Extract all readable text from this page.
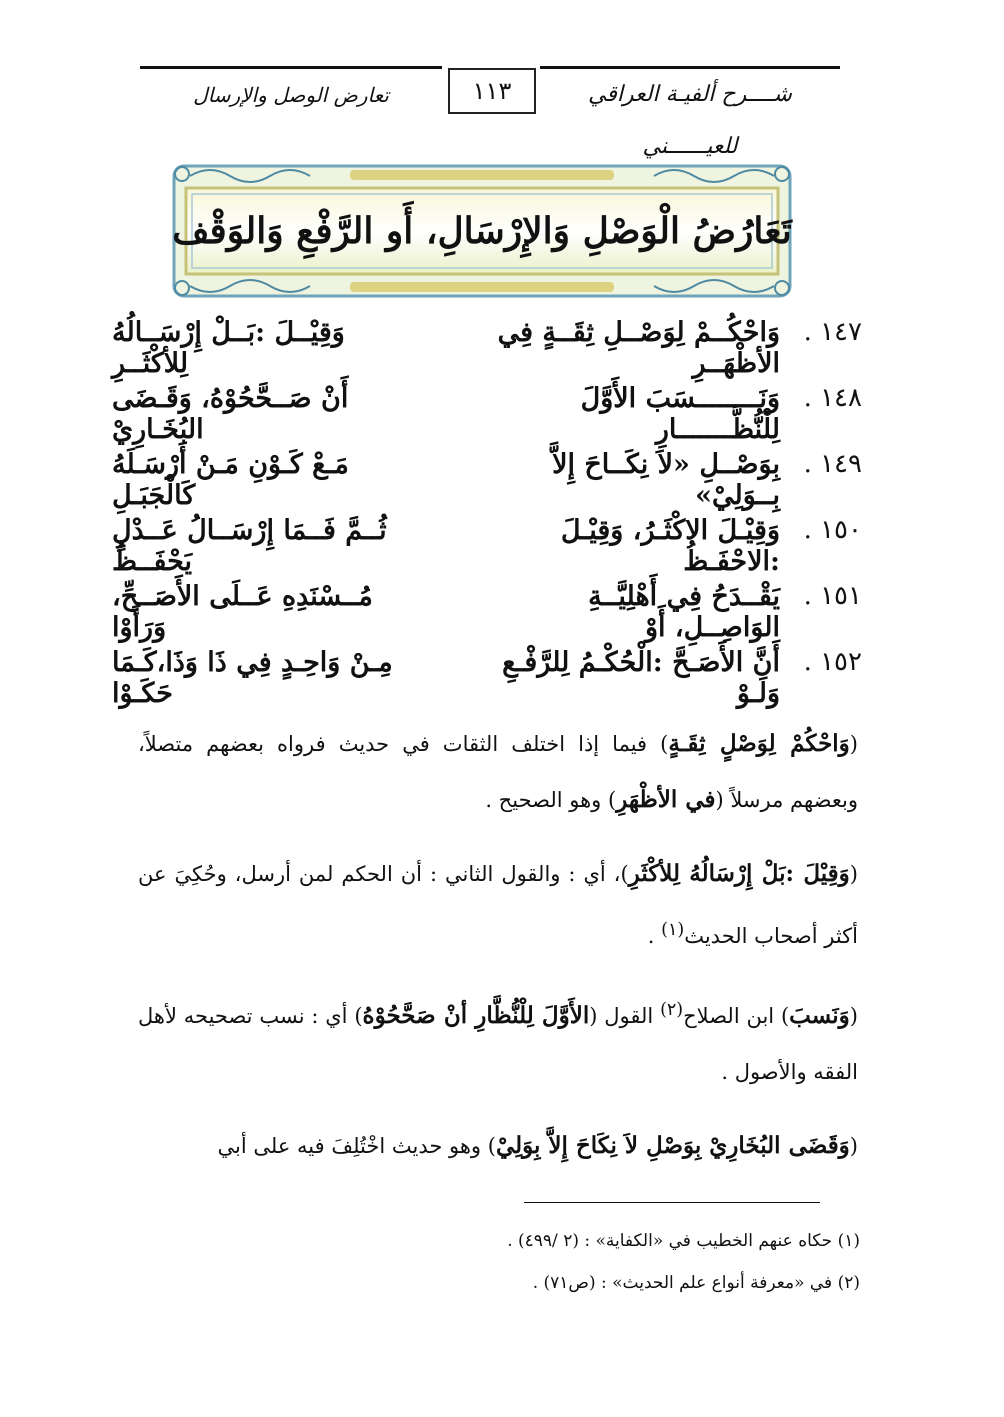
شــــرح ألفيـة العراقي للعيــــــني
١١٣
تعارض الوصل والإرسال
تَعَارُضُ الْوَصْلِ وَالإِرْسَالِ، أَو الرَّفْعِ وَالوَقْف
١٤٧ .
وَاحْكُــمْ لِوَصْــلِ ثِقَــةٍ فِي الأظْهَــرِ
وَقِيْــلَ :بَــلْ إِرْسَــالُهُ لِلأكْثَــرِ
١٤٨ .
وَنَــــــــسَبَ الأَوَّلَ لِلْنُّظَّـــــــارِ
أَنْ صَــحَّحُوْهُ، وَقَـضَى البُخَـارِيْ
١٤٩ .
بِوَصْــلِ «لاَ نِكَــاحَ إِلاَّ بِــوَلِيْ»
مَـعْ كَـوْنِ مَـنْ أَرْسَـلَهُ كَالْجَبَـلِ
١٥٠ .
وَقِيْـلَ الاكْثَـرُ، وَقِيْـلَ :الاحْفَـظُ
ثُــمَّ فَــمَا إِرْسَــالُ عَــدْلٍ يَحْفَــظُ
١٥١ .
يَقْــدَحُ فِي أَهْلِيَّــةِ الوَاصِــلِ، أَوْ
مُــسْنَدِهِ عَــلَى الأَصَــحِّ، وَرَأَوْا
١٥٢ .
أَنَّ الأَصَـحَّ :الْحُكْـمُ لِلرَّفْـعِ وَلَـوْ
مِـنْ وَاحِـدٍ فِي ذَا وَذَا،كَـمَا حَكَـوْا

(وَاحْكُمْ لِوَصْلٍ ثِقَـةٍ) فيما إذا اختلف الثقات في حديث فرواه بعضهم متصلاً، وبعضهم مرسلاً (في الأظْهَرِ) وهو الصحيح .

(وَقِيْلَ :بَلْ إِرْسَالُهُ لِلأكْثَرِ)، أي : والقول الثاني : أن الحكم لمن أرسل، وحُكِيَ عن أكثر أصحاب الحديث$^{(١)}$ .

(وَنَسبَ) ابن الصلاح$^{(٢)}$ القول (الأَوَّلَ لِلْنُّظَّارِ أنْ صَحَّحُوْهُ) أي : نسب تصحيحه لأهل الفقه والأصول .

(وَقَضَى البُخَارِيْ بِوَصْلِ لاَ نِكَاحَ إِلاَّ بِوَلِيْ) وهو حديث اخْتُلِفَ فيه على أبي

(١) حكاه عنهم الخطيب في «الكفاية» : (٢ /٤٩٩) .
(٢) في «معرفة أنواع علم الحديث» : (ص٧١) .
